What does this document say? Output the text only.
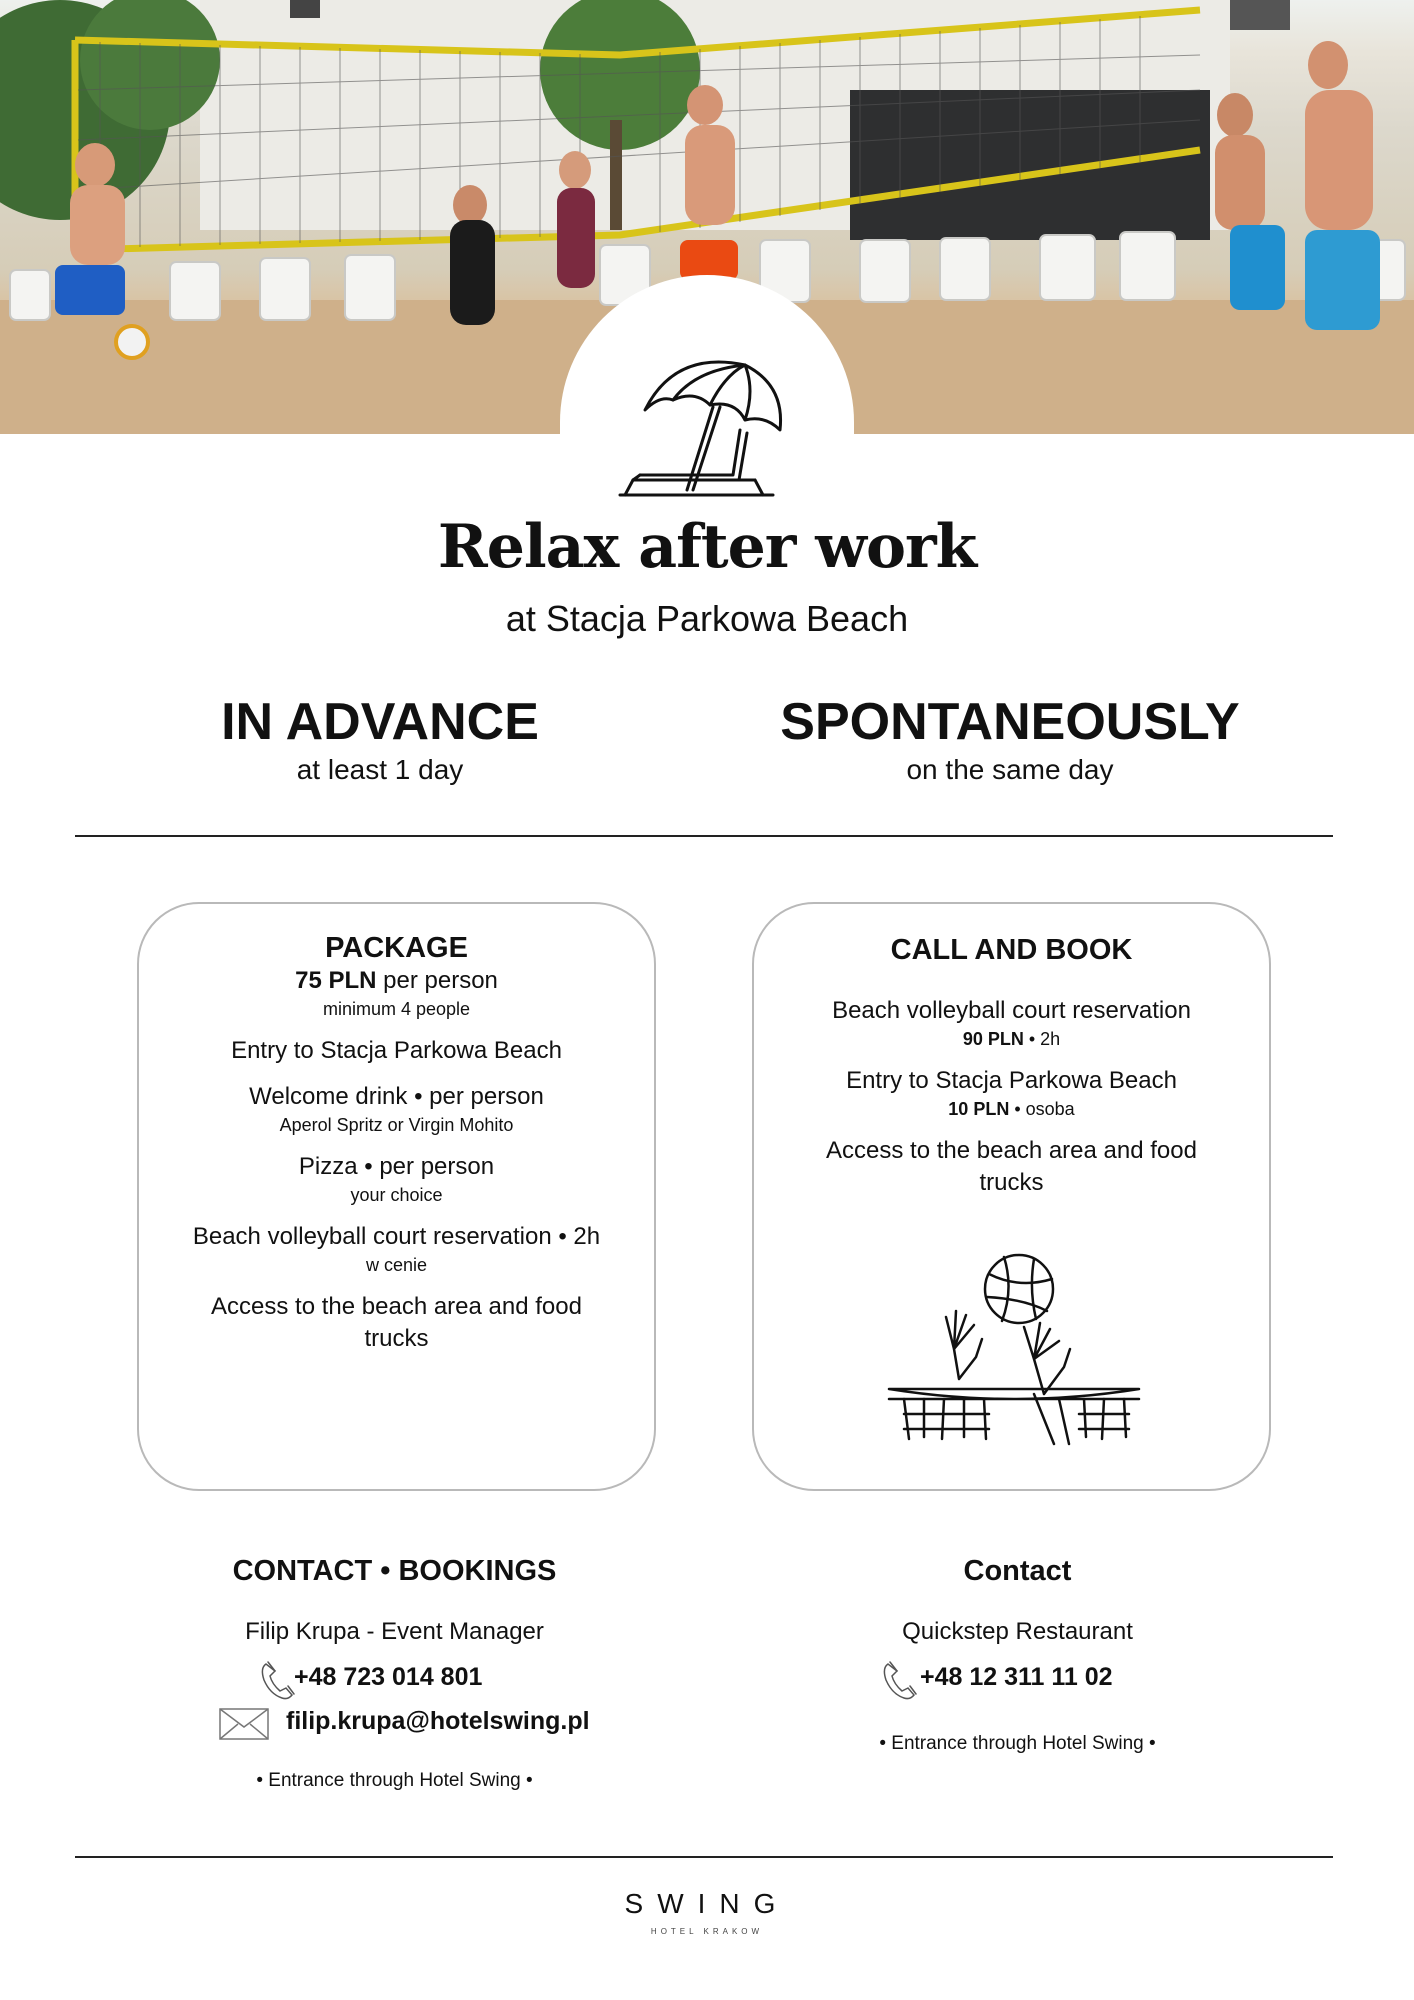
Relax after work
at Stacja Parkowa Beach
IN ADVANCE
at least 1 day
SPONTANEOUSLY
on the same day
PACKAGE
75 PLN per person
minimum 4 people
Entry to Stacja Parkowa Beach
Welcome drink • per person
Aperol Spritz or Virgin Mohito
Pizza • per person
your choice
Beach volleyball court reservation • 2h
w cenie
Access to the beach area and food trucks
CALL AND BOOK
Beach volleyball court reservation
90 PLN • 2h
Entry to Stacja Parkowa Beach
10 PLN • osoba
Access to the beach area and food trucks
CONTACT • BOOKINGS
Filip Krupa - Event Manager
+48 723 014 801
filip.krupa@hotelswing.pl
• Entrance through Hotel Swing •
Contact
Quickstep Restaurant
+48 12 311 11 02
• Entrance through Hotel Swing •
SWING
HOTEL KRAKOW
